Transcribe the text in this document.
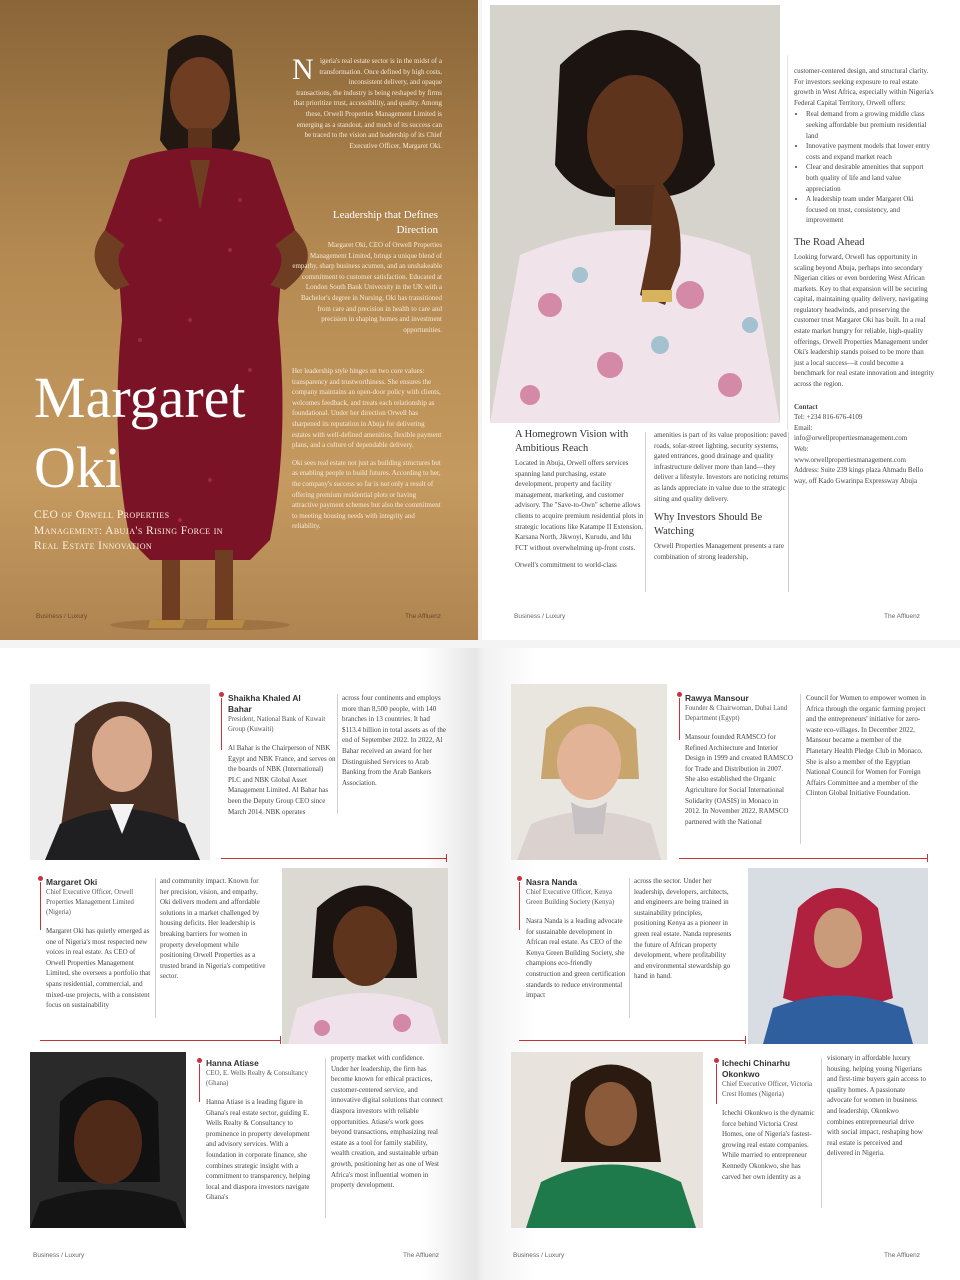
Nigeria's real estate sector is in the midst of a transformation. Once defined by high costs, inconsistent delivery, and opaque transactions, the industry is being reshaped by firms that prioritize trust, accessibility, and quality. Among these, Orwell Properties Management Limited is emerging as a standout, and much of its success can be traced to the vision and leadership of its Chief Executive Officer, Margaret Oki.
Leadership that Defines Direction

Margaret Oki, CEO of Orwell Properties Management Limited, brings a unique blend of empathy, sharp business acumen, and an unshakeable commitment to customer satisfaction. Educated at London South Bank University in the UK with a Bachelor's degree in Nursing, Oki has transitioned from care and precision in health to care and precision in shaping homes and investment opportunities.

Her leadership style hinges on two core values: transparency and trustworthiness. She ensures the company maintains an open-door policy with clients, welcomes feedback, and treats each relationship as foundational. Under her direction Orwell has sharpened its reputation in Abuja for delivering estates with well-defined amenities, flexible payment plans, and a culture of dependable delivery.

Oki sees real estate not just as building structures but as enabling people to build futures. According to her, the company's success so far is not only a result of offering premium residential plots or having attractive payment schemes but also the commitment to meeting housing needs with integrity and reliability.

Margaret
Oki
CEO of Orwell Properties Management: Abuja's Rising Force in Real Estate Innovation
Business / Luxury	The Affluenz
A Homegrown Vision with Ambitious Reach

Located in Abuja, Orwell offers services spanning land purchasing, estate development, property and facility management, marketing, and customer advisory. The "Save-to-Own" scheme allows clients to acquire premium residential plots in strategic locations like Katampe II Extension, Karsana North, Jikwoyi, Kurudu, and Idu FCT without overwhelming up-front costs.

Orwell's commitment to world-class

amenities is part of its value proposition: paved roads, solar-street lighting, security systems, gated entrances, good drainage and quality infrastructure deliver more than land—they deliver a lifestyle. Investors are noticing returns as lands appreciate in value due to the strategic siting and quality delivery.

Why Investors Should Be Watching

Orwell Properties Management presents a rare combination of strong leadership,

customer-centered design, and structural clarity. For investors seeking exposure to real estate growth in West Africa, especially within Nigeria's Federal Capital Territory, Orwell offers:

• Real demand from a growing middle class seeking affordable but premium residential land
• Innovative payment models that lower entry costs and expand market reach
• Clear and desirable amenities that support both quality of life and land value appreciation
• A leadership team under Margaret Oki focused on trust, consistency, and improvement
The Road Ahead

Looking forward, Orwell has opportunity in scaling beyond Abuja, perhaps into secondary Nigerian cities or even bordering West African markets. Key to that expansion will be securing capital, maintaining quality delivery, navigating regulatory headwinds, and preserving the customer trust Margaret Oki has built. In a real estate market hungry for reliable, high-quality offerings, Orwell Properties Management under Oki's leadership stands poised to be more than just a local success—it could become a benchmark for real estate innovation and integrity across the region.

Contact
Tel: +234 816-676-4109
Email:
info@orwellpropertiesmanagement.com
Web:
www.orwellpropertiesmanagement.com
Address: Suite 239 kings plaza Ahmadu Bello way, off Kado Gwarinpa Expressway Abuja
Business / Luxury	The Affluenz
Shaikha Khaled Al
Bahar
President, National Bank of Kuwait Group (Kuwaiti)

Al Bahar is the Chairperson of NBK Egypt and NBK France, and serves on the boards of NBK (International) PLC and NBK Global Asset Management Limited. Al Bahar has been the Deputy Group CEO since March 2014. NBK operates

across four continents and employs more than 8,500 people, with 140 branches in 13 countries. It had $113.4 billion in total assets as of the end of September 2022. In 2022, Al Bahar received an award for her Distinguished Services to Arab Banking from the Arab Bankers Association.
Rawya Mansour
Founder & Chairwoman, Dubai Land Department (Egypt)

Mansour founded RAMSCO for Refined Architecture and Interior Design in 1999 and created RAMSCO for Trade and Distribution in 2007. She also established the Organic Agriculture for Social International Solidarity (OASIS) in Monaco in 2012. In November 2022, RAMSCO partnered with the National

Council for Women to empower women in Africa through the organic farming project and the entrepreneurs' initiative for zero-waste eco-villages. In December 2022, Mansour became a member of the Planetary Health Pledge Club in Monaco. She is also a member of the Egyptian National Council for Women for Foreign Affairs Committee and a member of the Clinton Global Initiative Foundation.
Margaret Oki
Chief Executive Officer, Orwell Properties Management Limited (Nigeria)

Margaret Oki has quietly emerged as one of Nigeria's most respected new voices in real estate. As CEO of Orwell Properties Management Limited, she oversees a portfolio that spans residential, commercial, and mixed-use projects, with a consistent focus on sustainability

and community impact. Known for her precision, vision, and empathy, Oki delivers modern and affordable solutions in a market challenged by housing deficits. Her leadership is breaking barriers for women in property development while positioning Orwell Properties as a trusted brand in Nigeria's competitive sector.
Nasra Nanda
Chief Executive Officer, Kenya Green Building Society (Kenya)

Nasra Nanda is a leading advocate for sustainable development in African real estate. As CEO of the Kenya Green Building Society, she champions eco-friendly construction and green certification standards to reduce environmental impact

across the sector. Under her leadership, developers, architects, and engineers are being trained in sustainability principles, positioning Kenya as a pioneer in green real estate. Nanda represents the future of African property development, where profitability and environmental stewardship go hand in hand.
Hanna Atiase
CEO, E. Wells Realty & Consultancy (Ghana)

Hanna Atiase is a leading figure in Ghana's real estate sector, guiding E. Wells Realty & Consultancy to prominence in property development and advisory services. With a foundation in corporate finance, she combines strategic insight with a commitment to transparency, helping local and diaspora investors navigate Ghana's

property market with confidence. Under her leadership, the firm has become known for ethical practices, customer-centered service, and innovative digital solutions that connect diaspora investors with reliable opportunities. Atiase's work goes beyond transactions, emphasizing real estate as a tool for family stability, wealth creation, and sustainable urban growth, positioning her as one of West Africa's most influential women in property development.
Ichechi Chinarhu
Okonkwo
Chief Executive Officer, Victoria Crest Homes (Nigeria)

Ichechi Okonkwo is the dynamic force behind Victoria Crest Homes, one of Nigeria's fastest-growing real estate companies. While married to entrepreneur Kennedy Okonkwo, she has carved her own identity as a

visionary in affordable luxury housing, helping young Nigerians and first-time buyers gain access to quality homes. A passionate advocate for women in business and leadership, Okonkwo combines entrepreneurial drive with social impact, reshaping how real estate is perceived and delivered in Nigeria.
Business / Luxury	The Affluenz	Business / Luxury	The Affluenz
